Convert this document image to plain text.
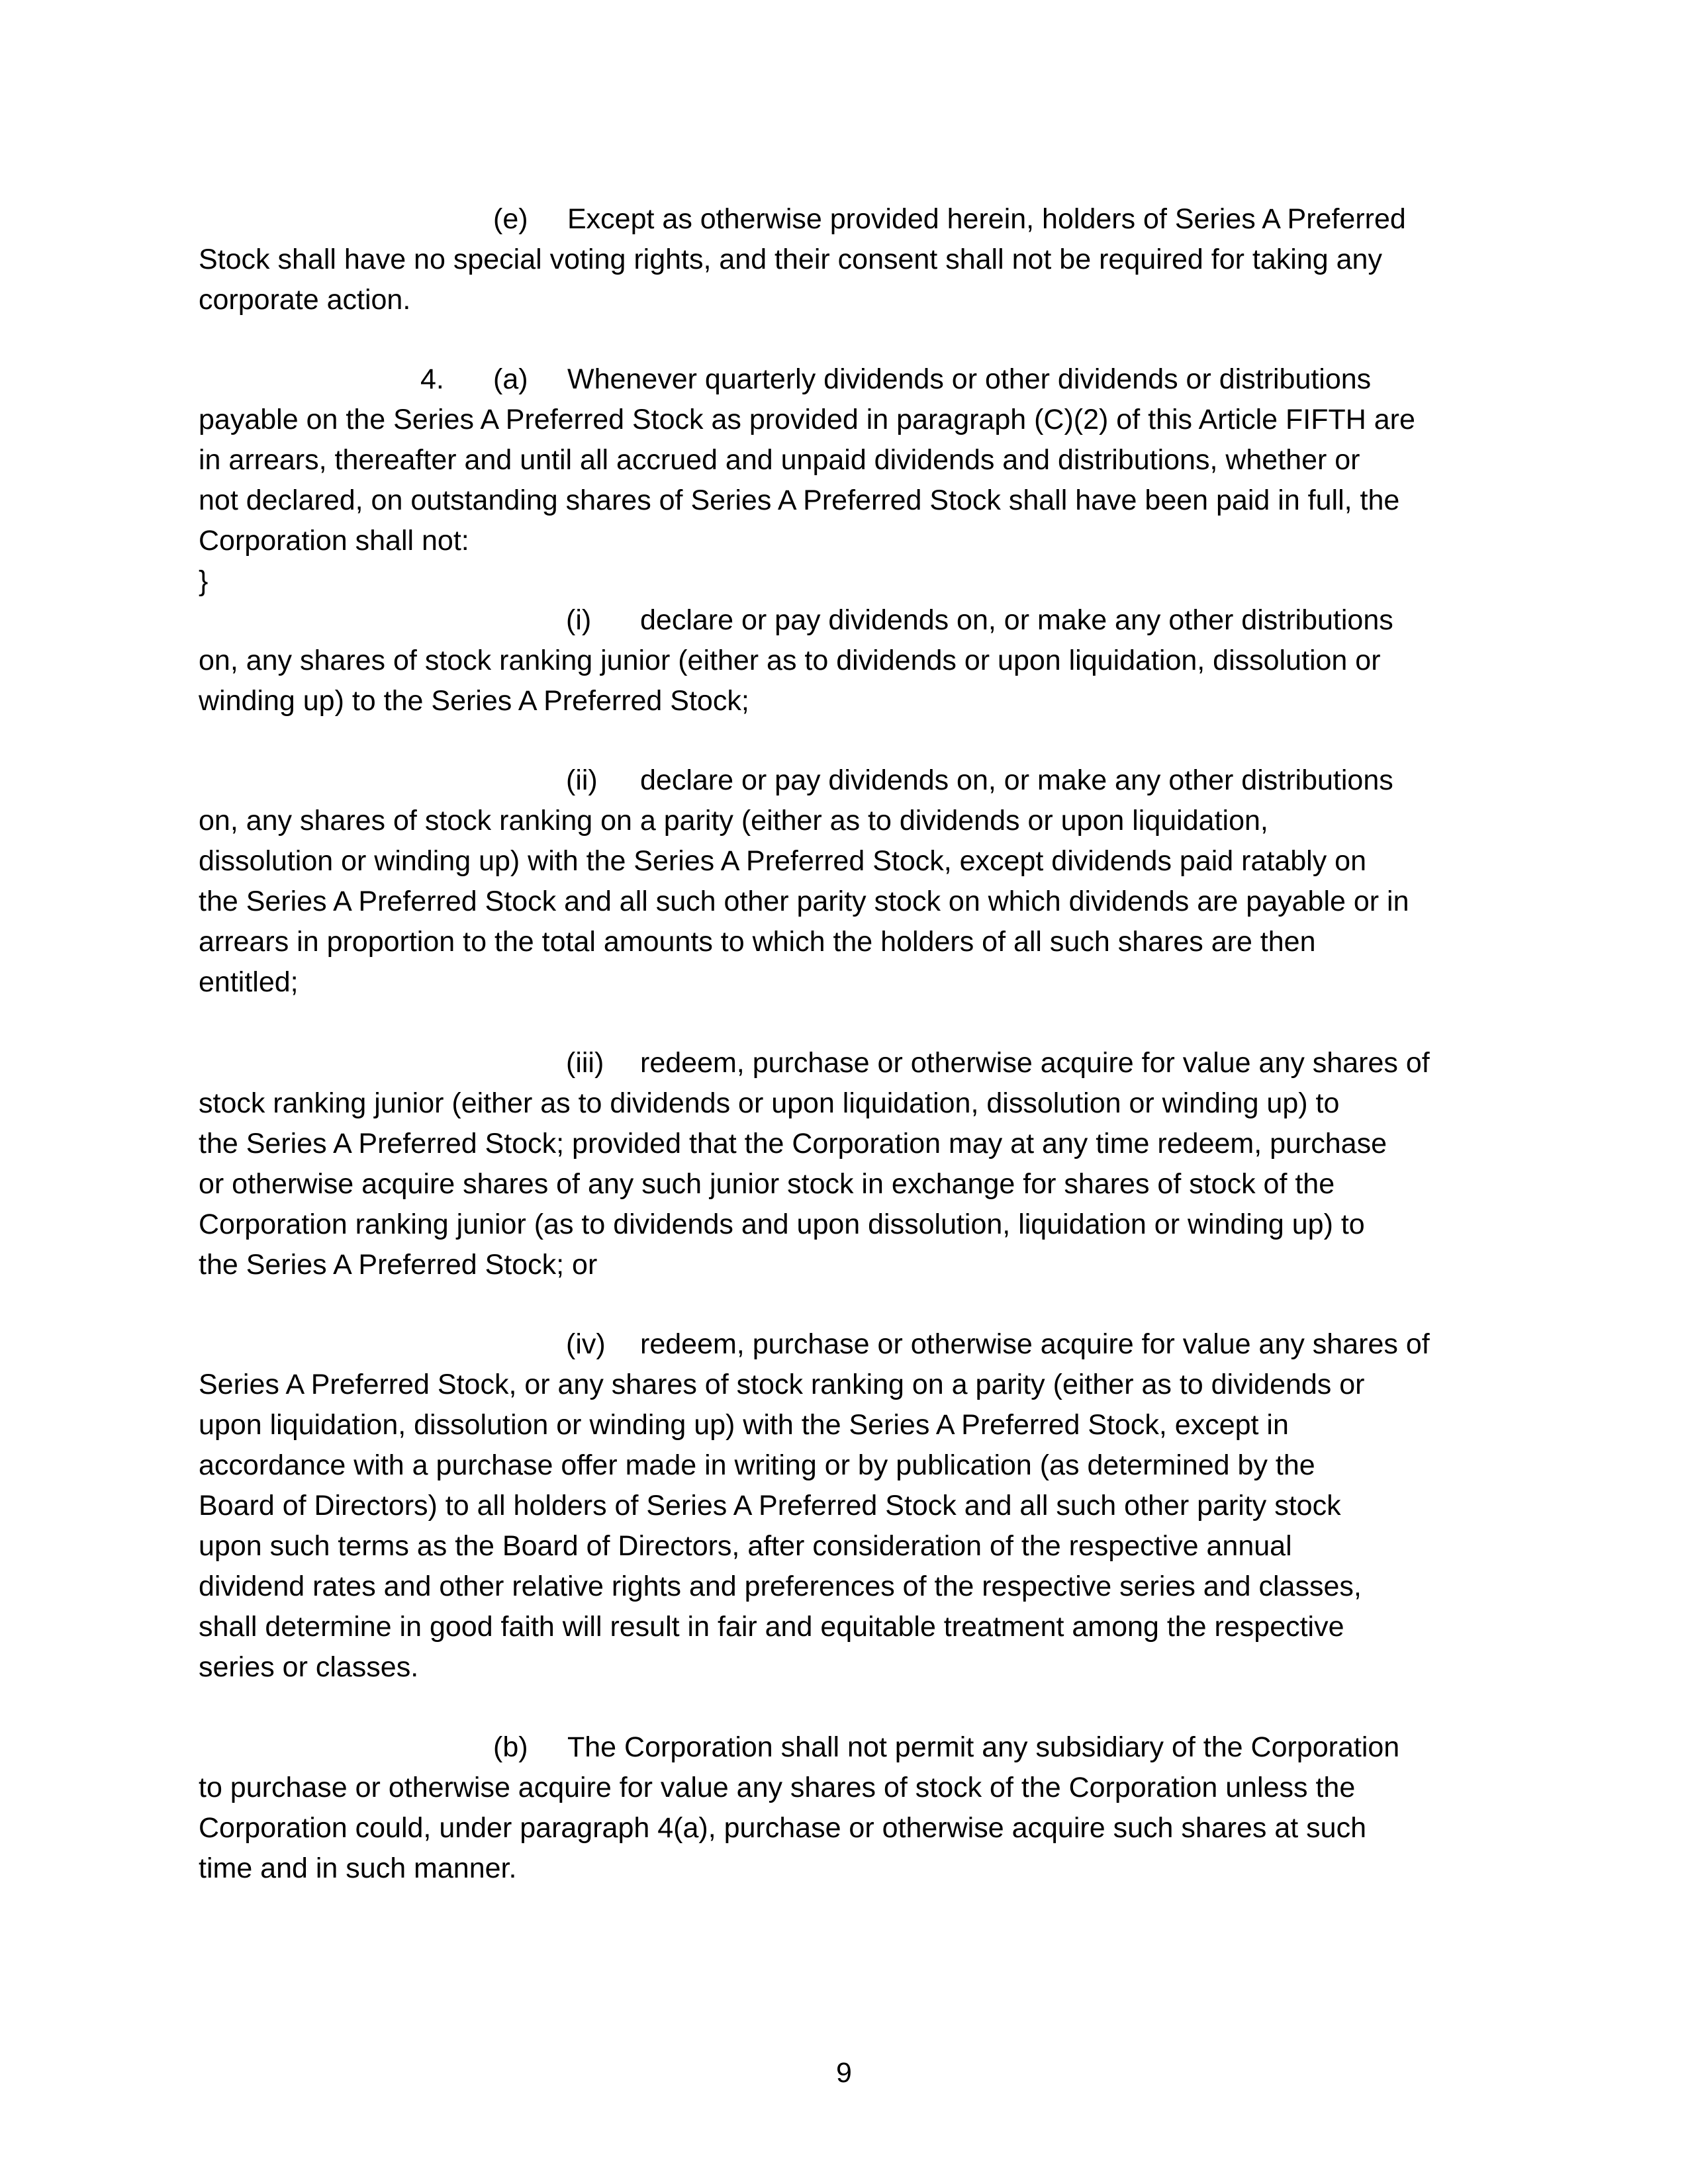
(e) Except as otherwise provided herein, holders of Series A Preferred
Stock shall have no special voting rights, and their consent shall not be required for taking any
corporate action.
4. (a) Whenever quarterly dividends or other dividends or distributions
payable on the Series A Preferred Stock as provided in paragraph (C)(2) of this Article FIFTH are
in arrears, thereafter and until all accrued and unpaid dividends and distributions, whether or
not declared, on outstanding shares of Series A Preferred Stock shall have been paid in full, the
Corporation shall not:
}
(i) declare or pay dividends on, or make any other distributions
on, any shares of stock ranking junior (either as to dividends or upon liquidation, dissolution or
winding up) to the Series A Preferred Stock;
(ii) declare or pay dividends on, or make any other distributions
on, any shares of stock ranking on a parity (either as to dividends or upon liquidation,
dissolution or winding up) with the Series A Preferred Stock, except dividends paid ratably on
the Series A Preferred Stock and all such other parity stock on which dividends are payable or in
arrears in proportion to the total amounts to which the holders of all such shares are then
entitled;
(iii) redeem, purchase or otherwise acquire for value any shares of
stock ranking junior (either as to dividends or upon liquidation, dissolution or winding up) to
the Series A Preferred Stock; provided that the Corporation may at any time redeem, purchase
or otherwise acquire shares of any such junior stock in exchange for shares of stock of the
Corporation ranking junior (as to dividends and upon dissolution, liquidation or winding up) to
the Series A Preferred Stock; or
(iv) redeem, purchase or otherwise acquire for value any shares of
Series A Preferred Stock, or any shares of stock ranking on a parity (either as to dividends or
upon liquidation, dissolution or winding up) with the Series A Preferred Stock, except in
accordance with a purchase offer made in writing or by publication (as determined by the
Board of Directors) to all holders of Series A Preferred Stock and all such other parity stock
upon such terms as the Board of Directors, after consideration of the respective annual
dividend rates and other relative rights and preferences of the respective series and classes,
shall determine in good faith will result in fair and equitable treatment among the respective
series or classes.
(b) The Corporation shall not permit any subsidiary of the Corporation
to purchase or otherwise acquire for value any shares of stock of the Corporation unless the
Corporation could, under paragraph 4(a), purchase or otherwise acquire such shares at such
time and in such manner.
9
